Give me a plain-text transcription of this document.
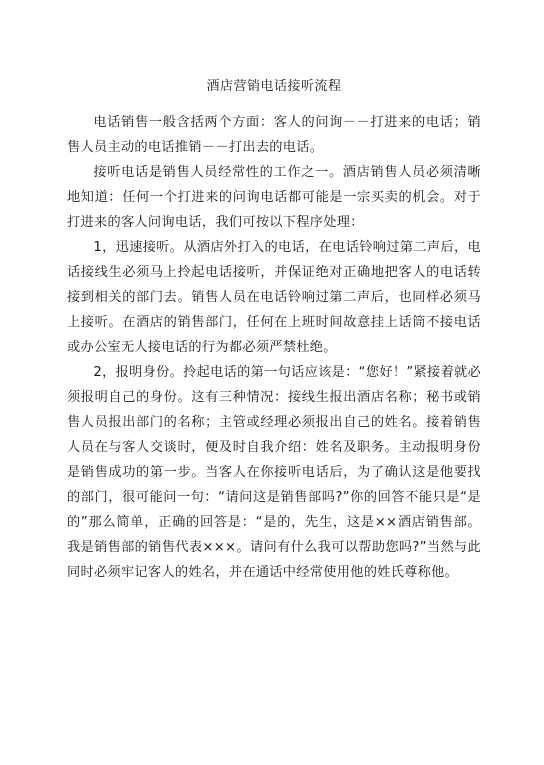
酒店营销电话接听流程

电话销售一般含括两个方面：客人的问询－－打进来的电话；销售人员主动的电话推销－－打出去的电话。

接听电话是销售人员经常性的工作之一。酒店销售人员必须清晰地知道：任何一个打进来的问询电话都可能是一宗买卖的机会。对于打进来的客人问询电话，我们可按以下程序处理：

1，迅速接听。从酒店外打入的电话，在电话铃响过第二声后，电话接线生必须马上拎起电话接听，并保证绝对正确地把客人的电话转接到相关的部门去。销售人员在电话铃响过第二声后，也同样必须马上接听。在酒店的销售部门，任何在上班时间故意挂上话筒不接电话或办公室无人接电话的行为都必须严禁杜绝。

2，报明身份。拎起电话的第一句话应该是：“您好！”紧接着就必须报明自己的身份。这有三种情况：接线生报出酒店名称；秘书或销售人员报出部门的名称；主管或经理必须报出自己的姓名。接着销售人员在与客人交谈时，便及时自我介绍：姓名及职务。主动报明身份是销售成功的第一步。当客人在你接听电话后，为了确认这是他要找的部门，很可能问一句：“请问这是销售部吗?”你的回答不能只是“是的”那么简单，正确的回答是：“是的，先生，这是××酒店销售部。我是销售部的销售代表×××。请问有什么我可以帮助您吗?”当然与此同时必须牢记客人的姓名，并在通话中经常使用他的姓氏尊称他。
